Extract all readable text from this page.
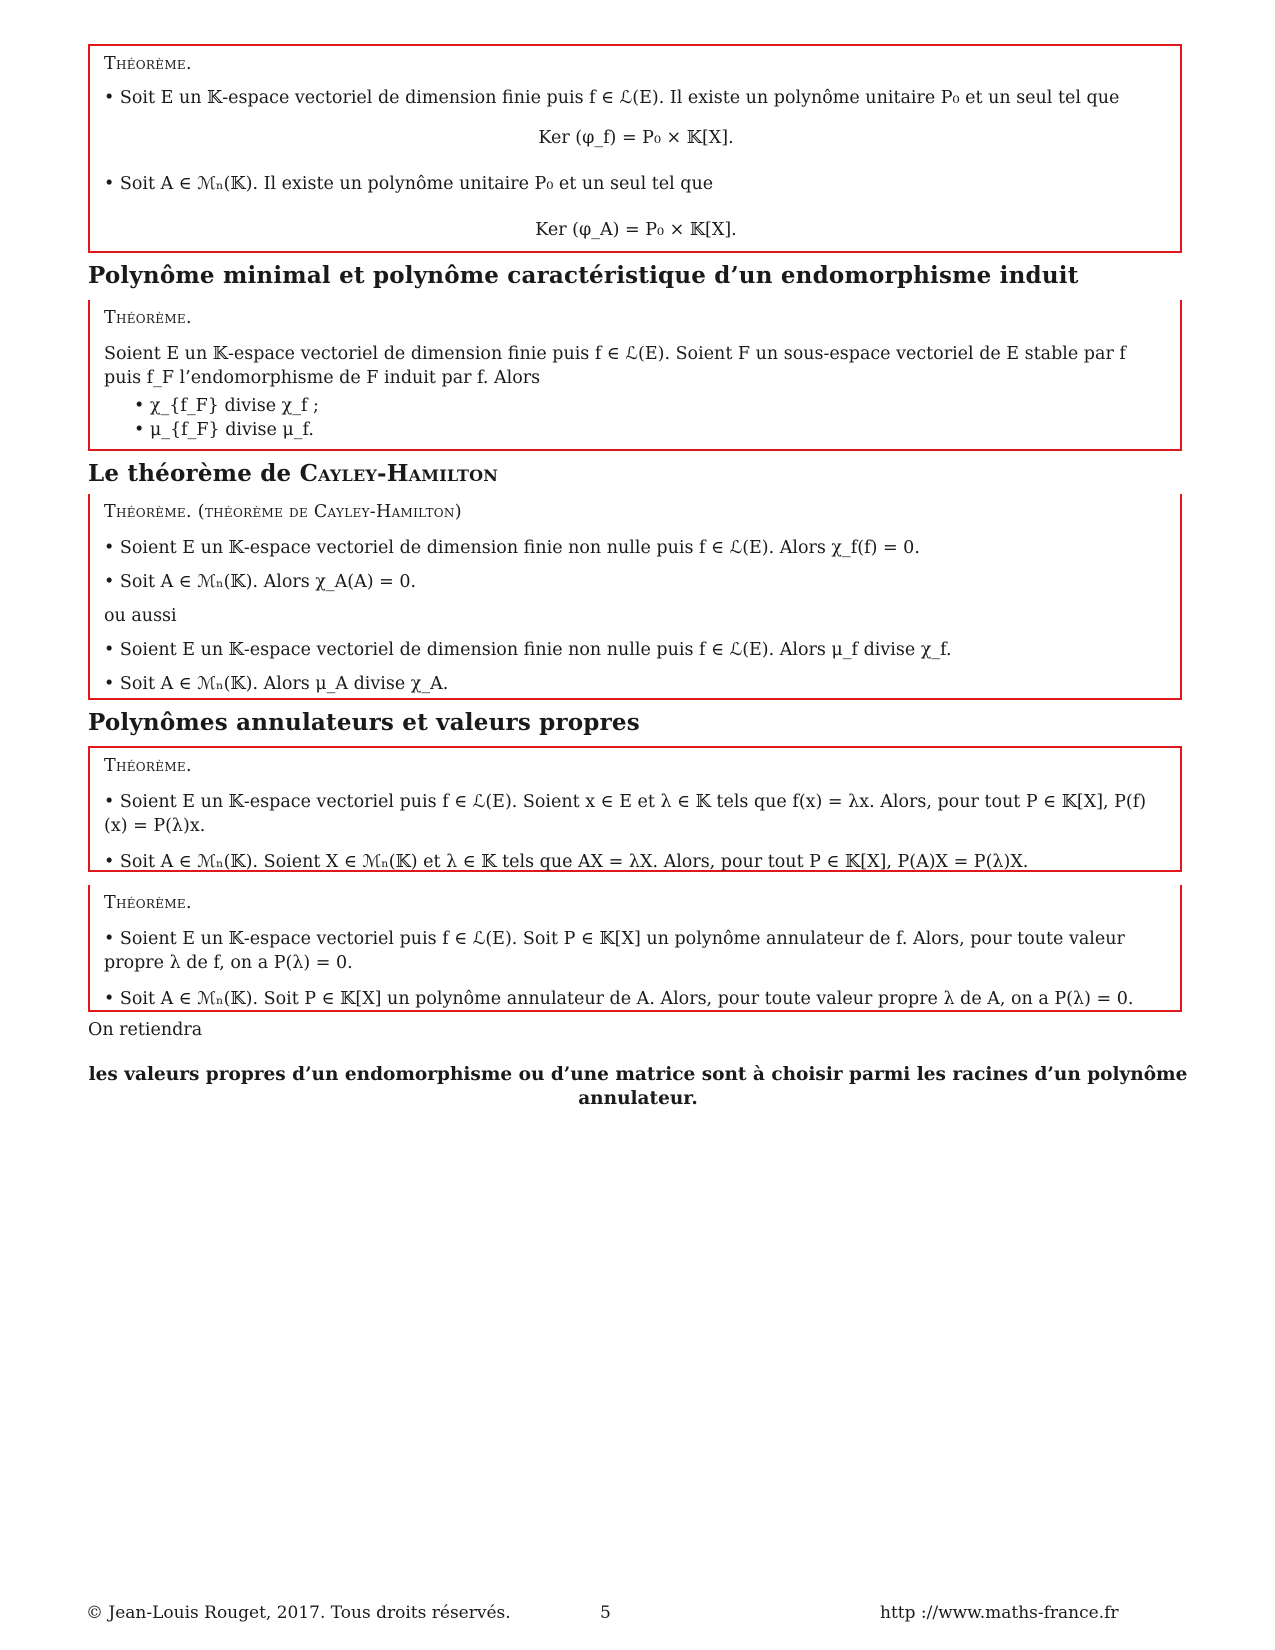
Théorème.
• Soit E un 𝕂-espace vectoriel de dimension finie puis f ∈ ℒ(E). Il existe un polynôme unitaire P₀ et un seul tel que
Ker (φ_f) = P₀ × 𝕂[X].
• Soit A ∈ ℳₙ(𝕂). Il existe un polynôme unitaire P₀ et un seul tel que
Ker (φ_A) = P₀ × 𝕂[X].
Polynôme minimal et polynôme caractéristique d’un endomorphisme induit
Théorème.
Soient E un 𝕂-espace vectoriel de dimension finie puis f ∈ ℒ(E). Soient F un sous-espace vectoriel de E stable par f puis f_F l’endomorphisme de F induit par f. Alors
• χ_{f_F} divise χ_f ;
• μ_{f_F} divise μ_f.
Le théorème de Cayley-Hamilton
Théorème. (théorème de Cayley-Hamilton)
• Soient E un 𝕂-espace vectoriel de dimension finie non nulle puis f ∈ ℒ(E). Alors χ_f(f) = 0.
• Soit A ∈ ℳₙ(𝕂). Alors χ_A(A) = 0.
ou aussi
• Soient E un 𝕂-espace vectoriel de dimension finie non nulle puis f ∈ ℒ(E). Alors μ_f divise χ_f.
• Soit A ∈ ℳₙ(𝕂). Alors μ_A divise χ_A.
Polynômes annulateurs et valeurs propres
Théorème.
• Soient E un 𝕂-espace vectoriel puis f ∈ ℒ(E). Soient x ∈ E et λ ∈ 𝕂 tels que f(x) = λx. Alors, pour tout P ∈ 𝕂[X], P(f)(x) = P(λ)x.
• Soit A ∈ ℳₙ(𝕂). Soient X ∈ ℳₙ(𝕂) et λ ∈ 𝕂 tels que AX = λX. Alors, pour tout P ∈ 𝕂[X], P(A)X = P(λ)X.
Théorème.
• Soient E un 𝕂-espace vectoriel puis f ∈ ℒ(E). Soit P ∈ 𝕂[X] un polynôme annulateur de f. Alors, pour toute valeur propre λ de f, on a P(λ) = 0.
• Soit A ∈ ℳₙ(𝕂). Soit P ∈ 𝕂[X] un polynôme annulateur de A. Alors, pour toute valeur propre λ de A, on a P(λ) = 0.
On retiendra
les valeurs propres d’un endomorphisme ou d’une matrice sont à choisir parmi les racines d’un polynôme annulateur.
© Jean-Louis Rouget, 2017. Tous droits réservés.	5	http ://www.maths-france.fr
